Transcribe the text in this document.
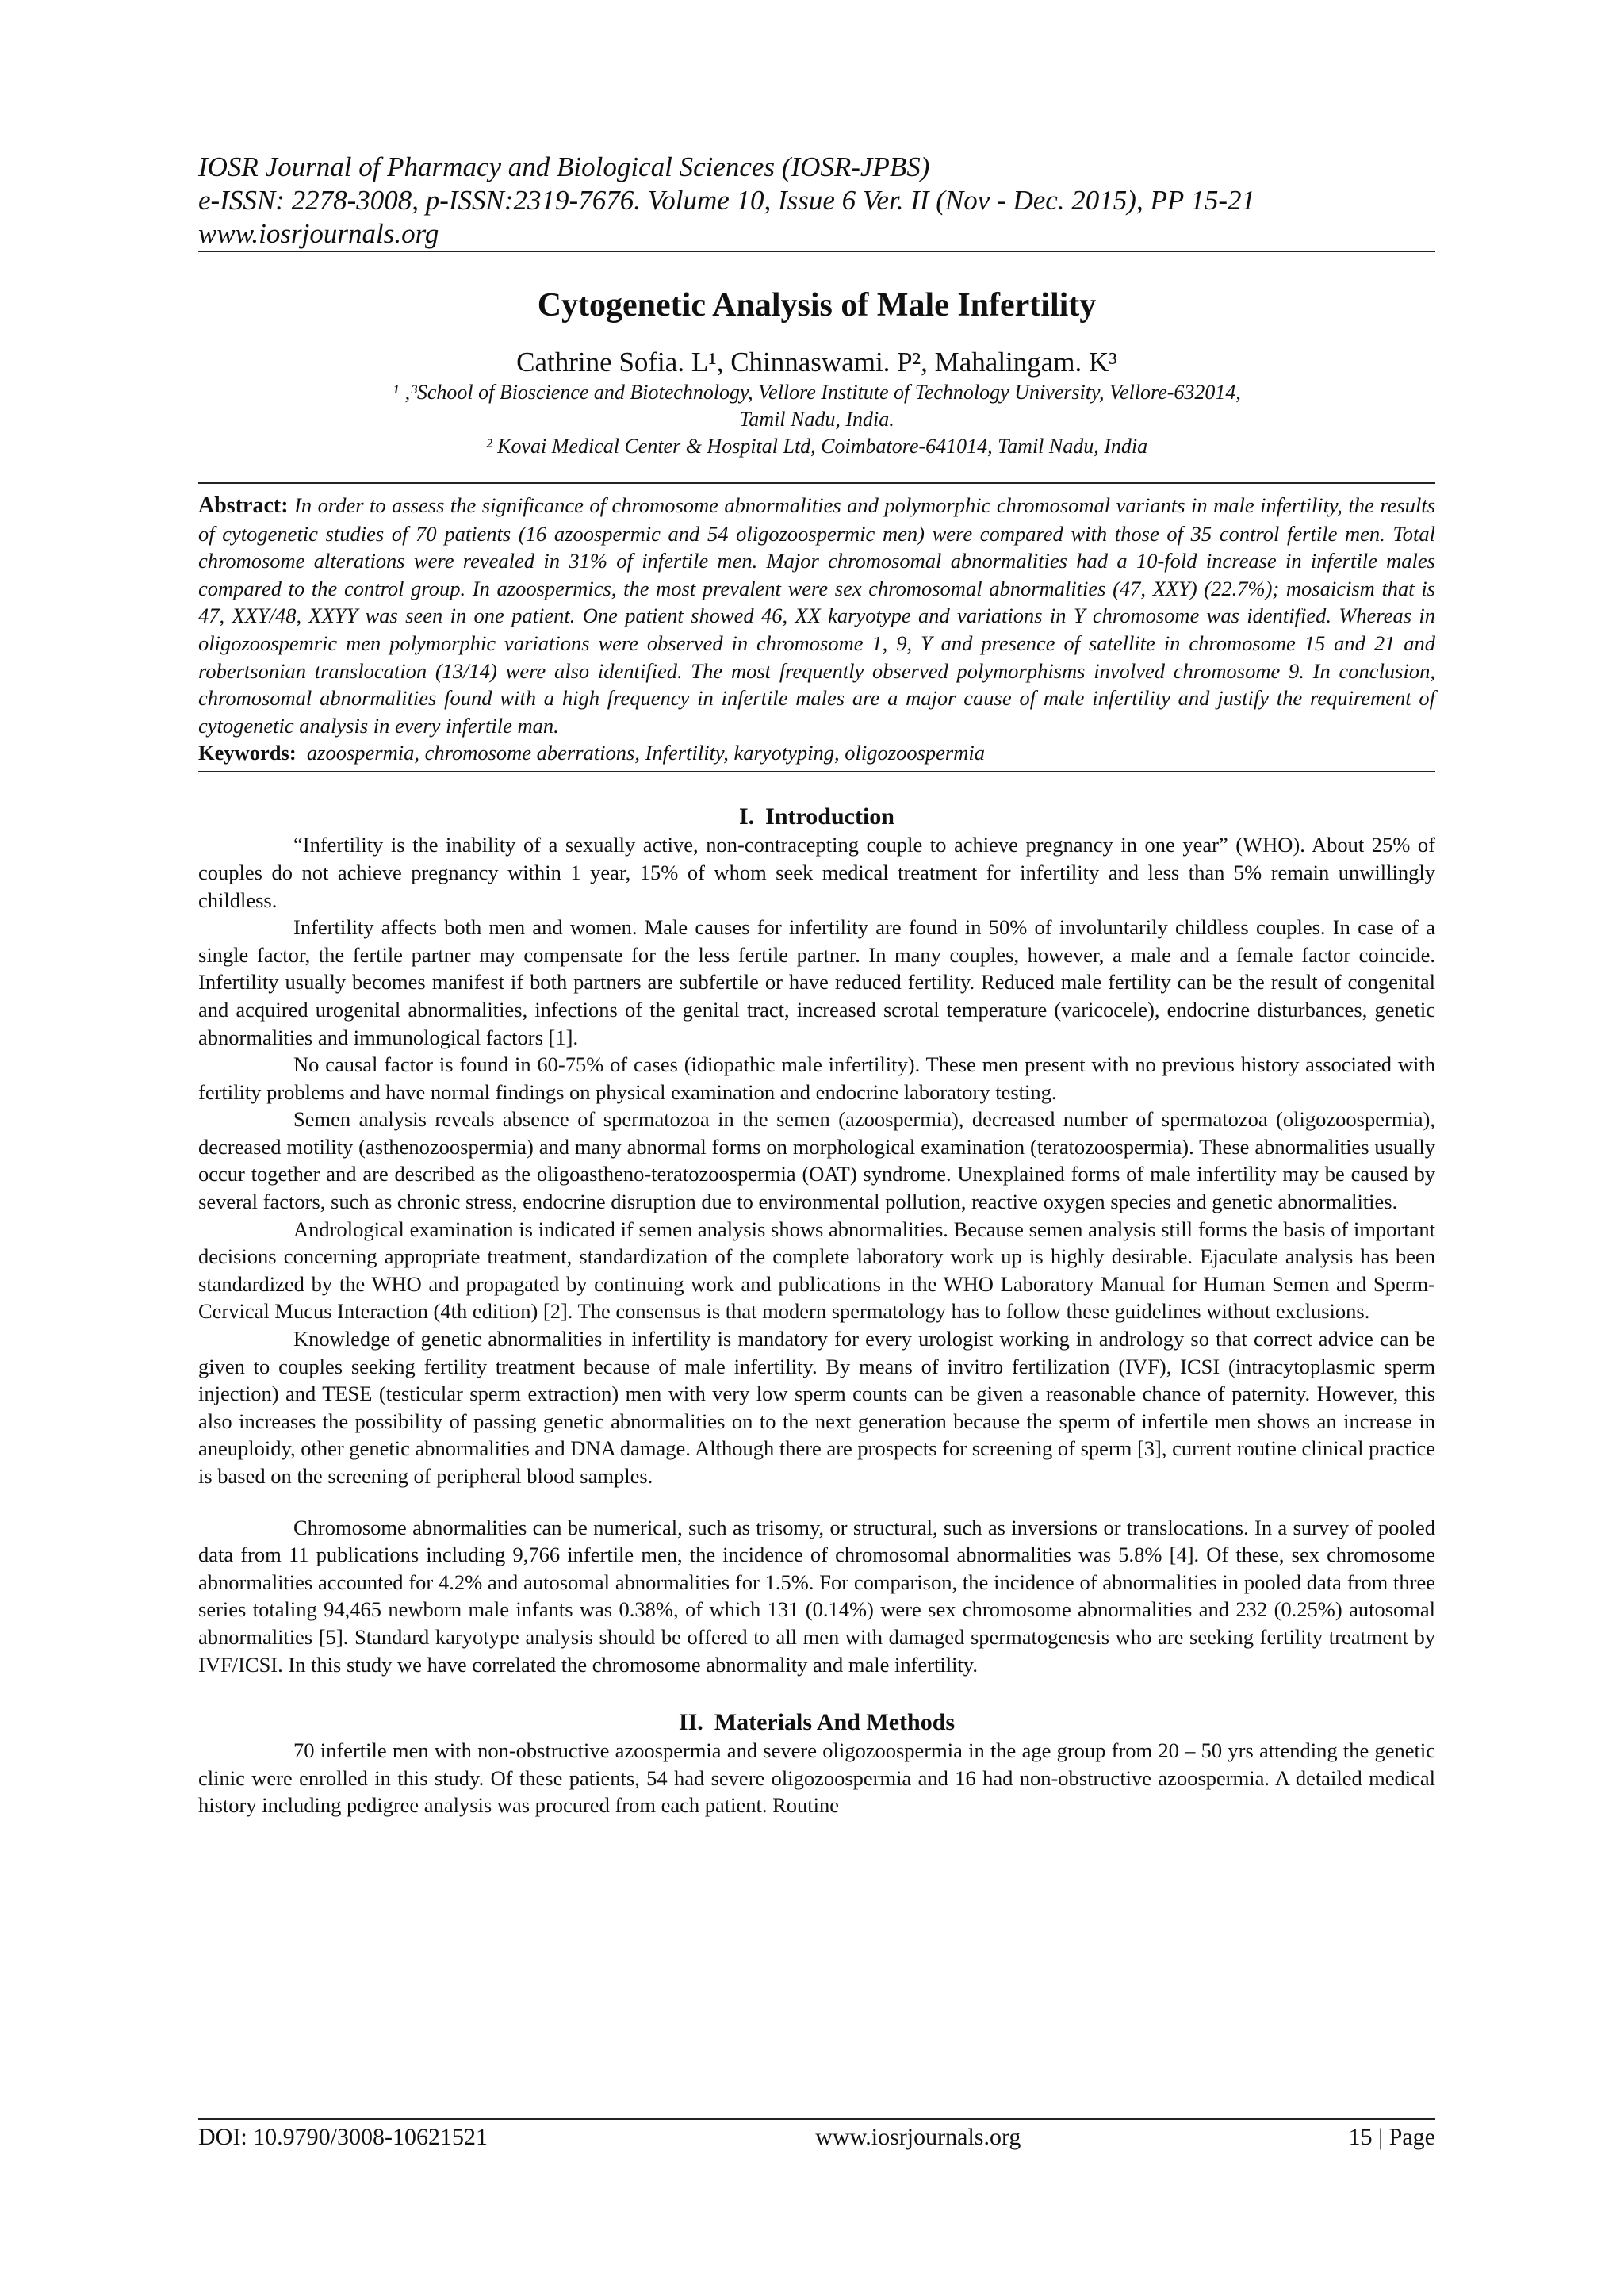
IOSR Journal of Pharmacy and Biological Sciences (IOSR-JPBS)
e-ISSN: 2278-3008, p-ISSN:2319-7676. Volume 10, Issue 6 Ver. II (Nov - Dec. 2015), PP 15-21
www.iosrjournals.org
Cytogenetic Analysis of Male Infertility
Cathrine Sofia. L¹, Chinnaswami. P², Mahalingam. K³
¹ ‚³School of Bioscience and Biotechnology, Vellore Institute of Technology University, Vellore-632014,
Tamil Nadu, India.
² Kovai Medical Center & Hospital Ltd, Coimbatore-641014, Tamil Nadu, India
Abstract: In order to assess the significance of chromosome abnormalities and polymorphic chromosomal variants in male infertility, the results of cytogenetic studies of 70 patients (16 azoospermic and 54 oligozoospermic men) were compared with those of 35 control fertile men. Total chromosome alterations were revealed in 31% of infertile men. Major chromosomal abnormalities had a 10-fold increase in infertile males compared to the control group. In azoospermics, the most prevalent were sex chromosomal abnormalities (47, XXY) (22.7%); mosaicism that is 47, XXY/48, XXYY was seen in one patient. One patient showed 46, XX karyotype and variations in Y chromosome was identified. Whereas in oligozoospemric men polymorphic variations were observed in chromosome 1, 9, Y and presence of satellite in chromosome 15 and 21 and robertsonian translocation (13/14) were also identified. The most frequently observed polymorphisms involved chromosome 9. In conclusion, chromosomal abnormalities found with a high frequency in infertile males are a major cause of male infertility and justify the requirement of cytogenetic analysis in every infertile man.
Keywords: azoospermia, chromosome aberrations, Infertility, karyotyping, oligozoospermia
I. Introduction

“Infertility is the inability of a sexually active, non-contracepting couple to achieve pregnancy in one year” (WHO). About 25% of couples do not achieve pregnancy within 1 year, 15% of whom seek medical treatment for infertility and less than 5% remain unwillingly childless.

Infertility affects both men and women. Male causes for infertility are found in 50% of involuntarily childless couples. In case of a single factor, the fertile partner may compensate for the less fertile partner. In many couples, however, a male and a female factor coincide. Infertility usually becomes manifest if both partners are subfertile or have reduced fertility. Reduced male fertility can be the result of congenital and acquired urogenital abnormalities, infections of the genital tract, increased scrotal temperature (varicocele), endocrine disturbances, genetic abnormalities and immunological factors [1].

No causal factor is found in 60-75% of cases (idiopathic male infertility). These men present with no previous history associated with fertility problems and have normal findings on physical examination and endocrine laboratory testing.

Semen analysis reveals absence of spermatozoa in the semen (azoospermia), decreased number of spermatozoa (oligozoospermia), decreased motility (asthenozoospermia) and many abnormal forms on morphological examination (teratozoospermia). These abnormalities usually occur together and are described as the oligoastheno-teratozoospermia (OAT) syndrome. Unexplained forms of male infertility may be caused by several factors, such as chronic stress, endocrine disruption due to environmental pollution, reactive oxygen species and genetic abnormalities.

Andrological examination is indicated if semen analysis shows abnormalities. Because semen analysis still forms the basis of important decisions concerning appropriate treatment, standardization of the complete laboratory work up is highly desirable. Ejaculate analysis has been standardized by the WHO and propagated by continuing work and publications in the WHO Laboratory Manual for Human Semen and Sperm-Cervical Mucus Interaction (4th edition) [2]. The consensus is that modern spermatology has to follow these guidelines without exclusions.

Knowledge of genetic abnormalities in infertility is mandatory for every urologist working in andrology so that correct advice can be given to couples seeking fertility treatment because of male infertility. By means of invitro fertilization (IVF), ICSI (intracytoplasmic sperm injection) and TESE (testicular sperm extraction) men with very low sperm counts can be given a reasonable chance of paternity. However, this also increases the possibility of passing genetic abnormalities on to the next generation because the sperm of infertile men shows an increase in aneuploidy, other genetic abnormalities and DNA damage. Although there are prospects for screening of sperm [3], current routine clinical practice is based on the screening of peripheral blood samples.

Chromosome abnormalities can be numerical, such as trisomy, or structural, such as inversions or translocations. In a survey of pooled data from 11 publications including 9,766 infertile men, the incidence of chromosomal abnormalities was 5.8% [4]. Of these, sex chromosome abnormalities accounted for 4.2% and autosomal abnormalities for 1.5%. For comparison, the incidence of abnormalities in pooled data from three series totaling 94,465 newborn male infants was 0.38%, of which 131 (0.14%) were sex chromosome abnormalities and 232 (0.25%) autosomal abnormalities [5]. Standard karyotype analysis should be offered to all men with damaged spermatogenesis who are seeking fertility treatment by IVF/ICSI. In this study we have correlated the chromosome abnormality and male infertility.

II. Materials And Methods

70 infertile men with non-obstructive azoospermia and severe oligozoospermia in the age group from 20 – 50 yrs attending the genetic clinic were enrolled in this study. Of these patients, 54 had severe oligozoospermia and 16 had non-obstructive azoospermia. A detailed medical history including pedigree analysis was procured from each patient. Routine

DOI: 10.9790/3008-10621521	www.iosrjournals.org	15 | Page
